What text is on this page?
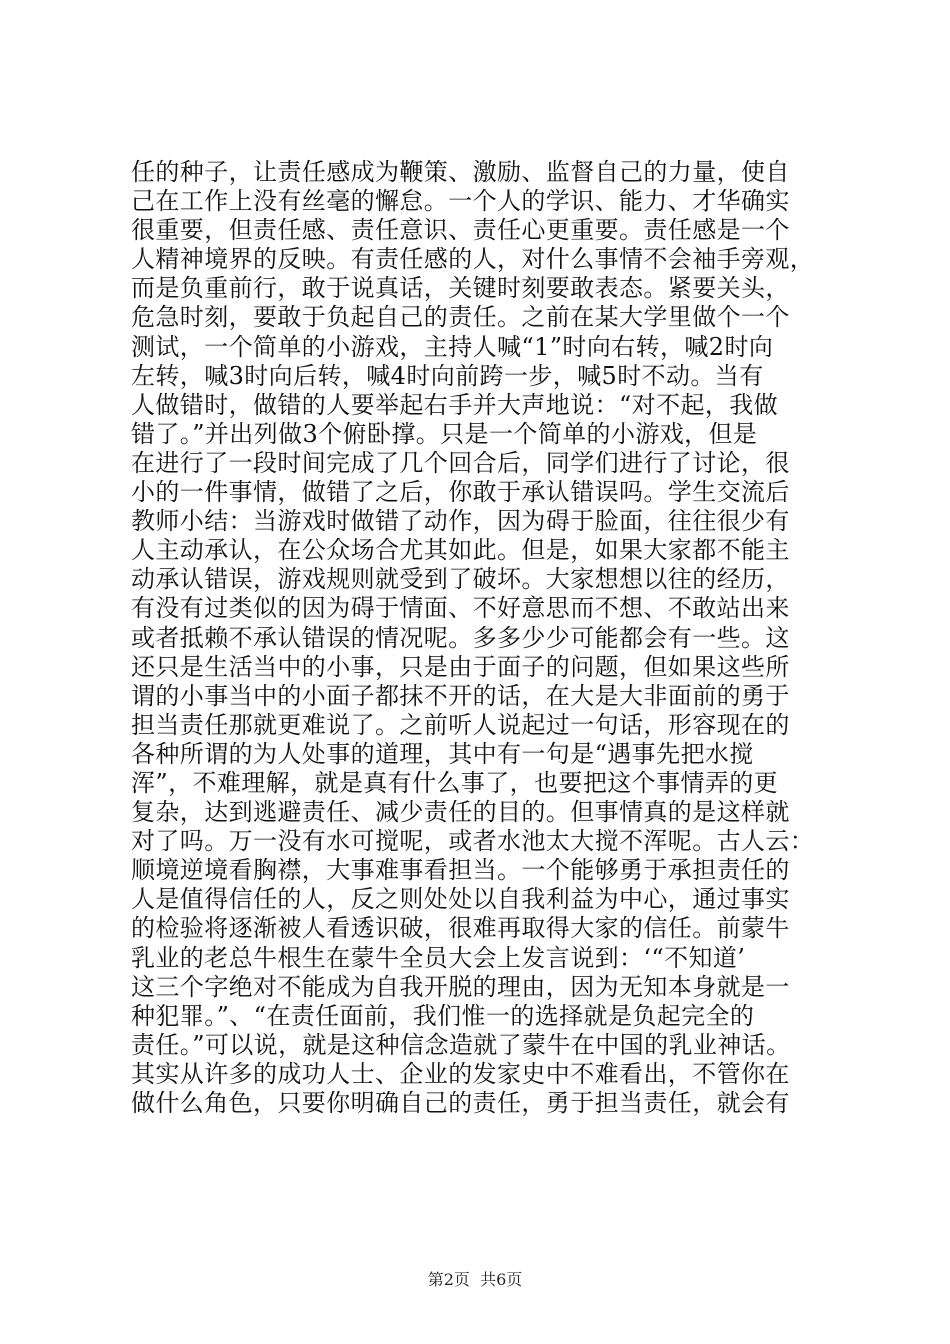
任的种子，让责任感成为鞭策、激励、监督自己的力量，使自
己在工作上没有丝毫的懈怠。一个人的学识、能力、才华确实
很重要，但责任感、责任意识、责任心更重要。责任感是一个
人精神境界的反映。有责任感的人，对什么事情不会袖手旁观，
而是负重前行，敢于说真话，关键时刻要敢表态。紧要关头，
危急时刻，要敢于负起自己的责任。之前在某大学里做个一个
测试，一个简单的小游戏，主持人喊“1”时向右转，喊2时向
左转，喊3时向后转，喊4时向前跨一步，喊5时不动。当有
人做错时，做错的人要举起右手并大声地说：“对不起，我做
错了。”并出列做3个俯卧撑。只是一个简单的小游戏，但是
在进行了一段时间完成了几个回合后，同学们进行了讨论，很
小的一件事情，做错了之后，你敢于承认错误吗。学生交流后
教师小结：当游戏时做错了动作，因为碍于脸面，往往很少有
人主动承认，在公众场合尤其如此。但是，如果大家都不能主
动承认错误，游戏规则就受到了破坏。大家想想以往的经历，
有没有过类似的因为碍于情面、不好意思而不想、不敢站出来
或者抵赖不承认错误的情况呢。多多少少可能都会有一些。这
还只是生活当中的小事，只是由于面子的问题，但如果这些所
谓的小事当中的小面子都抹不开的话，在大是大非面前的勇于
担当责任那就更难说了。之前听人说起过一句话，形容现在的
各种所谓的为人处事的道理，其中有一句是“遇事先把水搅
浑”，不难理解，就是真有什么事了，也要把这个事情弄的更
复杂，达到逃避责任、减少责任的目的。但事情真的是这样就
对了吗。万一没有水可搅呢，或者水池太大搅不浑呢。古人云：
顺境逆境看胸襟，大事难事看担当。一个能够勇于承担责任的
人是值得信任的人，反之则处处以自我利益为中心，通过事实
的检验将逐渐被人看透识破，很难再取得大家的信任。前蒙牛
乳业的老总牛根生在蒙牛全员大会上发言说到：‘“不知道’
这三个字绝对不能成为自我开脱的理由，因为无知本身就是一
种犯罪。”、“在责任面前，我们惟一的选择就是负起完全的
责任。”可以说，就是这种信念造就了蒙牛在中国的乳业神话。
其实从许多的成功人士、企业的发家史中不难看出，不管你在
做什么角色，只要你明确自己的责任，勇于担当责任，就会有
第2页  共6页
